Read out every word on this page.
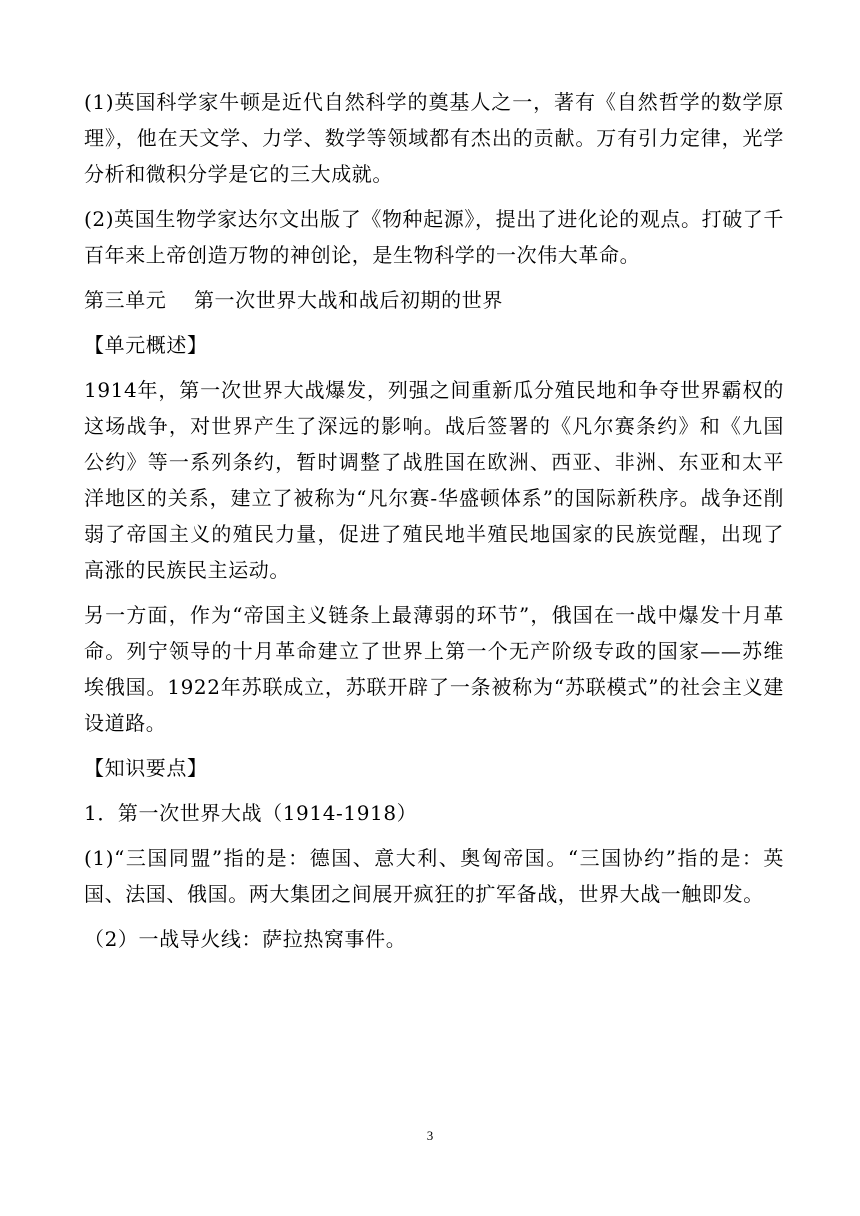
(1)英国科学家牛顿是近代自然科学的奠基人之一，著有《自然哲学的数学原理》，他在天文学、力学、数学等领域都有杰出的贡献。万有引力定律，光学分析和微积分学是它的三大成就。

(2)英国生物学家达尔文出版了《物种起源》，提出了进化论的观点。打破了千百年来上帝创造万物的神创论，是生物科学的一次伟大革命。

第三单元　 第一次世界大战和战后初期的世界

【单元概述】

1914年，第一次世界大战爆发，列强之间重新瓜分殖民地和争夺世界霸权的这场战争，对世界产生了深远的影响。战后签署的《凡尔赛条约》和《九国公约》等一系列条约，暂时调整了战胜国在欧洲、西亚、非洲、东亚和太平洋地区的关系，建立了被称为“凡尔赛-华盛顿体系”的国际新秩序。战争还削弱了帝国主义的殖民力量，促进了殖民地半殖民地国家的民族觉醒，出现了高涨的民族民主运动。

另一方面，作为“帝国主义链条上最薄弱的环节”，俄国在一战中爆发十月革命。列宁领导的十月革命建立了世界上第一个无产阶级专政的国家——苏维埃俄国。1922年苏联成立，苏联开辟了一条被称为“苏联模式”的社会主义建设道路。

【知识要点】

1．第一次世界大战（1914-1918）

(1)“三国同盟”指的是：德国、意大利、奥匈帝国。“三国协约”指的是：英国、法国、俄国。两大集团之间展开疯狂的扩军备战，世界大战一触即发。

（2）一战导火线：萨拉热窝事件。

3
